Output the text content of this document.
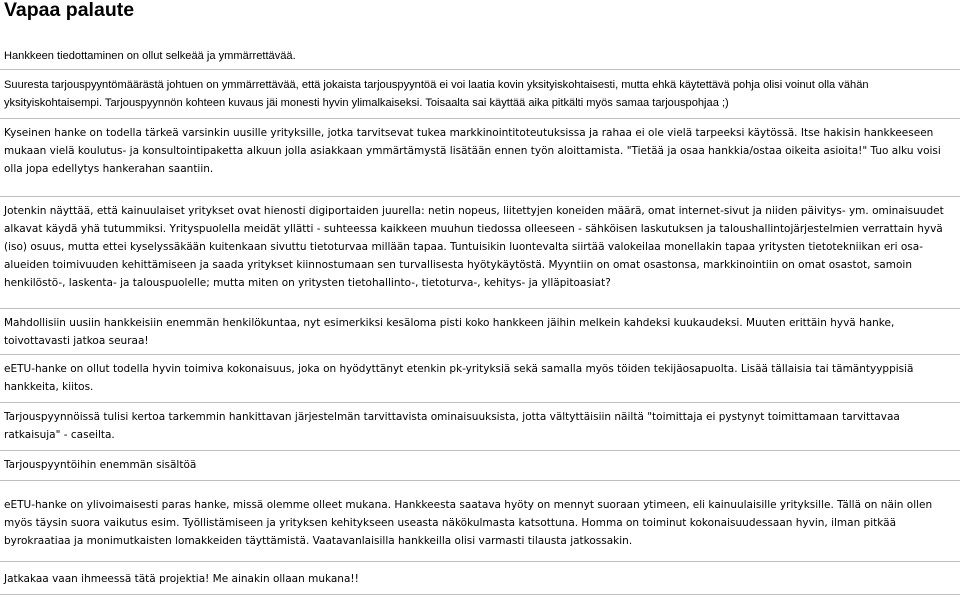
Vapaa palaute

Hankkeen tiedottaminen on ollut selkeää ja ymmärrettävää.

Suuresta tarjouspyyntömäärästä johtuen on ymmärrettävää, että jokaista tarjouspyyntöä ei voi laatia kovin yksityiskohtaisesti, mutta ehkä käytettävä pohja olisi voinut olla vähän yksityiskohtaisempi. Tarjouspyynnön kohteen kuvaus jäi monesti hyvin ylimalkaiseksi. Toisaalta sai käyttää aika pitkälti myös samaa tarjouspohjaa ;)

Kyseinen hanke on todella tärkeä varsinkin uusille yrityksille, jotka tarvitsevat tukea markkinointitoteutuksissa ja rahaa ei ole vielä tarpeeksi käytössä. Itse hakisin hankkeeseen mukaan vielä koulutus- ja konsultointipaketta alkuun jolla asiakkaan ymmärtämystä lisätään ennen työn aloittamista. "Tietää ja osaa hankkia/ostaa oikeita asioita!" Tuo alku voisi olla jopa edellytys hankerahan saantiin.

Jotenkin näyttää, että kainuulaiset yritykset ovat hienosti digiportaiden juurella: netin nopeus, liitettyjen koneiden määrä, omat internet-sivut ja niiden päivitys- ym. ominaisuudet alkavat käydä yhä tutummiksi. Yrityspuolella meidät yllätti - suhteessa kaikkeen muuhun tiedossa olleeseen - sähköisen laskutuksen ja taloushallintojärjestelmien verrattain hyvä (iso) osuus, mutta ettei kyselyssäkään kuitenkaan sivuttu tietoturvaa millään tapaa. Tuntuisikin luontevalta siirtää valokeilaa monellakin tapaa yritysten tietotekniikan eri osa-alueiden toimivuuden kehittämiseen ja saada yritykset kiinnostumaan sen turvallisesta hyötykäytöstä. Myyntiin on omat osastonsa, markkinointiin on omat osastot, samoin henkilöstö-, laskenta- ja talouspuolelle; mutta miten on yritysten tietohallinto-, tietoturva-, kehitys- ja ylläpitoasiat?

Mahdollisiin uusiin hankkeisiin enemmän henkilökuntaa, nyt esimerkiksi kesäloma pisti koko hankkeen jäihin melkein kahdeksi kuukaudeksi. Muuten erittäin hyvä hanke, toivottavasti jatkoa seuraa!

eETU-hanke on ollut todella hyvin toimiva kokonaisuus, joka on hyödyttänyt etenkin pk-yrityksiä sekä samalla myös töiden tekijäosapuolta. Lisää tällaisia tai tämäntyyppisiä hankkeita, kiitos.

Tarjouspyynnöissä tulisi kertoa tarkemmin hankittavan järjestelmän tarvittavista ominaisuuksista, jotta vältyttäisiin näiltä "toimittaja ei pystynyt toimittamaan tarvittavaa ratkaisuja" - caseilta.

Tarjouspyyntöihin enemmän sisältöä

eETU-hanke on ylivoimaisesti paras hanke, missä olemme olleet mukana. Hankkeesta saatava hyöty on mennyt suoraan ytimeen, eli kainuulaisille yrityksille. Tällä on näin ollen myös täysin suora vaikutus esim. Työllistämiseen ja yrityksen kehitykseen useasta näkökulmasta katsottuna. Homma on toiminut kokonaisuudessaan hyvin, ilman pitkää byrokraatiaa ja monimutkaisten lomakkeiden täyttämistä. Vaatavanlaisilla hankkeilla olisi varmasti tilausta jatkossakin.

Jatkakaa vaan ihmeessä tätä projektia! Me ainakin ollaan mukana!!
